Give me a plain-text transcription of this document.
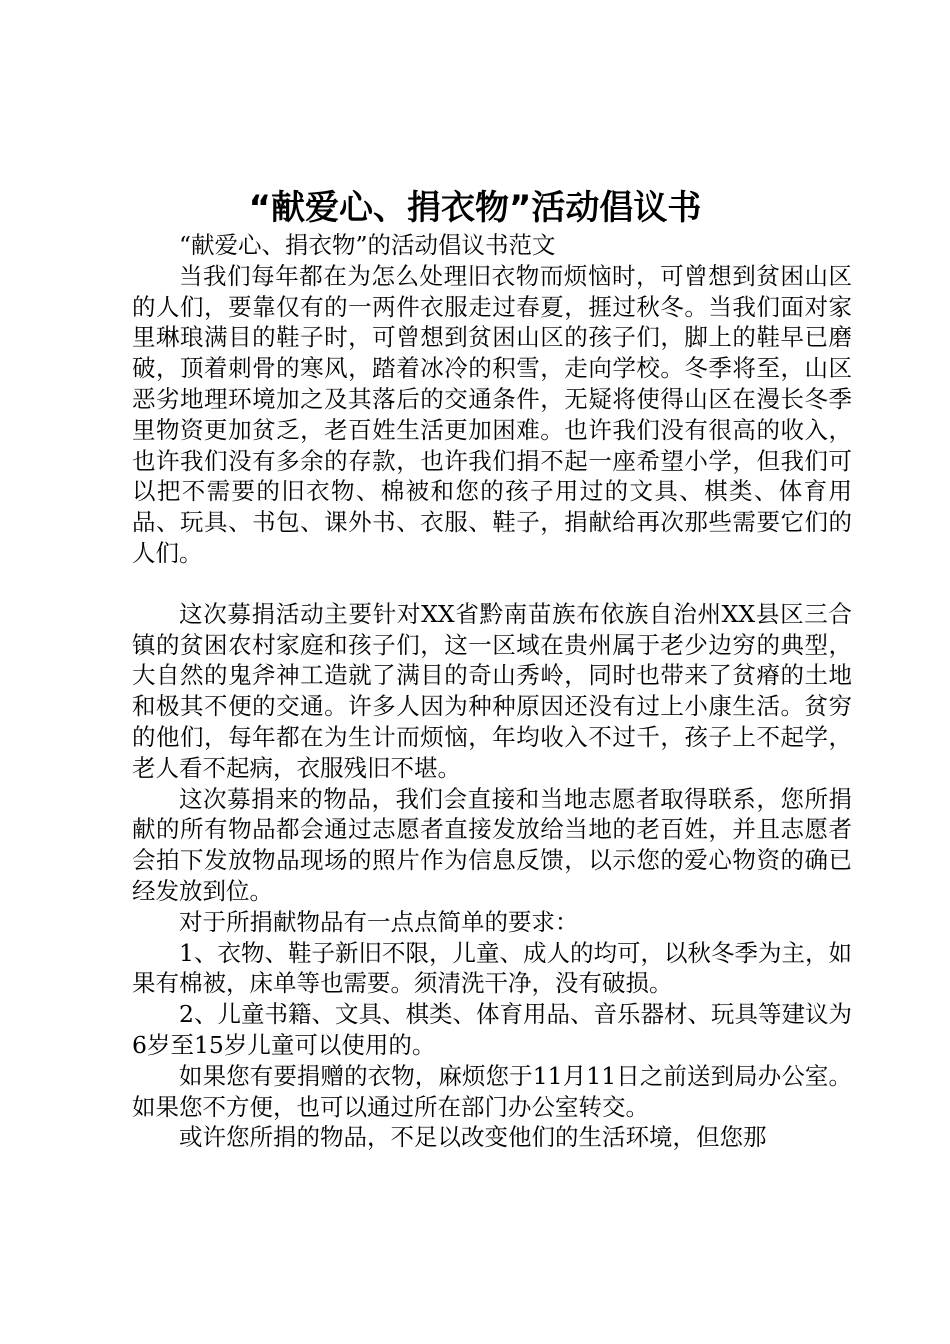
“献爱心、捐衣物”活动倡议书

“献爱心、捐衣物”的活动倡议书范文

当我们每年都在为怎么处理旧衣物而烦恼时，可曾想到贫困山区的人们，要靠仅有的一两件衣服走过春夏，捱过秋冬。当我们面对家里琳琅满目的鞋子时，可曾想到贫困山区的孩子们，脚上的鞋早已磨破，顶着刺骨的寒风，踏着冰冷的积雪，走向学校。冬季将至，山区恶劣地理环境加之及其落后的交通条件，无疑将使得山区在漫长冬季里物资更加贫乏，老百姓生活更加困难。也许我们没有很高的收入，也许我们没有多余的存款，也许我们捐不起一座希望小学，但我们可以把不需要的旧衣物、棉被和您的孩子用过的文具、棋类、体育用品、玩具、书包、课外书、衣服、鞋子，捐献给再次那些需要它们的人们。

这次募捐活动主要针对XX省黔南苗族布依族自治州XX县区三合镇的贫困农村家庭和孩子们，这一区域在贵州属于老少边穷的典型，大自然的鬼斧神工造就了满目的奇山秀岭，同时也带来了贫瘠的土地和极其不便的交通。许多人因为种种原因还没有过上小康生活。贫穷的他们，每年都在为生计而烦恼，年均收入不过千，孩子上不起学，老人看不起病，衣服残旧不堪。

这次募捐来的物品，我们会直接和当地志愿者取得联系，您所捐献的所有物品都会通过志愿者直接发放给当地的老百姓，并且志愿者会拍下发放物品现场的照片作为信息反馈，以示您的爱心物资的确已经发放到位。

对于所捐献物品有一点点简单的要求：

1、衣物、鞋子新旧不限，儿童、成人的均可，以秋冬季为主，如果有棉被，床单等也需要。须清洗干净，没有破损。

2、儿童书籍、文具、棋类、体育用品、音乐器材、玩具等建议为6岁至15岁儿童可以使用的。

如果您有要捐赠的衣物，麻烦您于11月11日之前送到局办公室。如果您不方便，也可以通过所在部门办公室转交。

或许您所捐的物品，不足以改变他们的生活环境，但您那
